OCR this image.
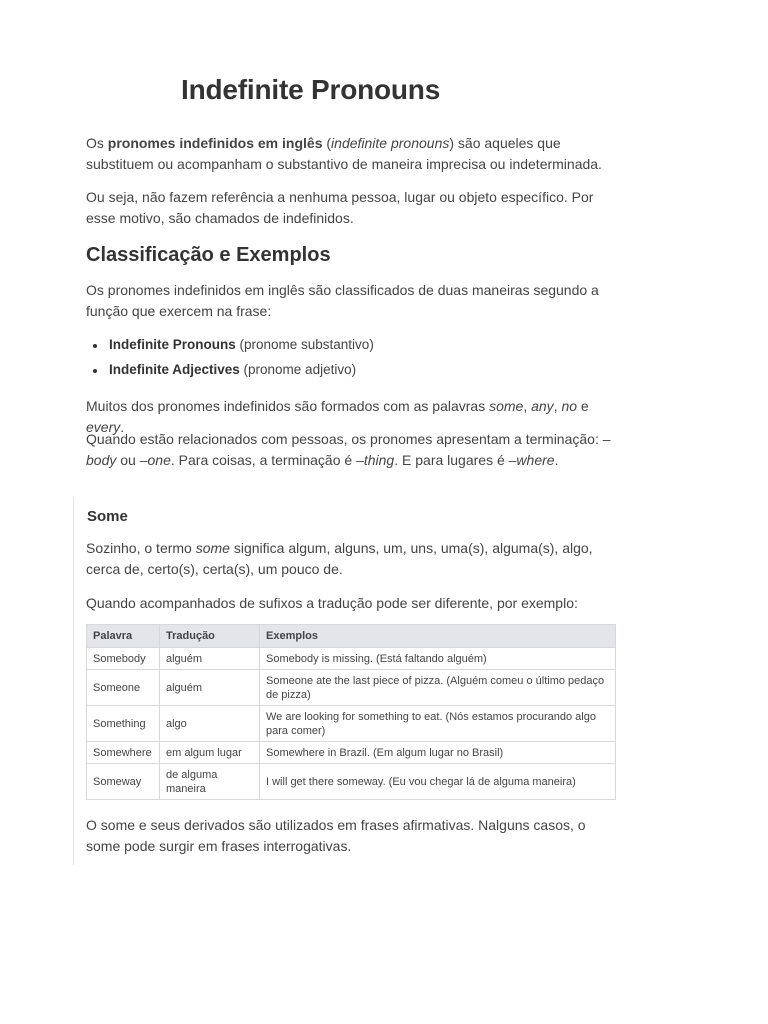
Indefinite Pronouns

Os pronomes indefinidos em inglês (indefinite pronouns) são aqueles que substituem ou acompanham o substantivo de maneira imprecisa ou indeterminada.

Ou seja, não fazem referência a nenhuma pessoa, lugar ou objeto específico. Por esse motivo, são chamados de indefinidos.

Classificação e Exemplos

Os pronomes indefinidos em inglês são classificados de duas maneiras segundo a função que exercem na frase:

Indefinite Pronouns (pronome substantivo)
Indefinite Adjectives (pronome adjetivo)

Muitos dos pronomes indefinidos são formados com as palavras some, any, no e every.

Quando estão relacionados com pessoas, os pronomes apresentam a terminação: –body ou –one. Para coisas, a terminação é –thing. E para lugares é –where.

Some

Sozinho, o termo some significa algum, alguns, um, uns, uma(s), alguma(s), algo, cerca de, certo(s), certa(s), um pouco de.

Quando acompanhados de sufixos a tradução pode ser diferente, por exemplo:

Palavra	Tradução	Exemplos
Somebody	alguém	Somebody is missing. (Está faltando alguém)
Someone	alguém	Someone ate the last piece of pizza. (Alguém comeu o último pedaço de pizza)
Something	algo	We are looking for something to eat. (Nós estamos procurando algo para comer)
Somewhere	em algum lugar	Somewhere in Brazil. (Em algum lugar no Brasil)
Someway	de alguma maneira	I will get there someway. (Eu vou chegar lá de alguma maneira)

O some e seus derivados são utilizados em frases afirmativas. Nalguns casos, o some pode surgir em frases interrogativas.
